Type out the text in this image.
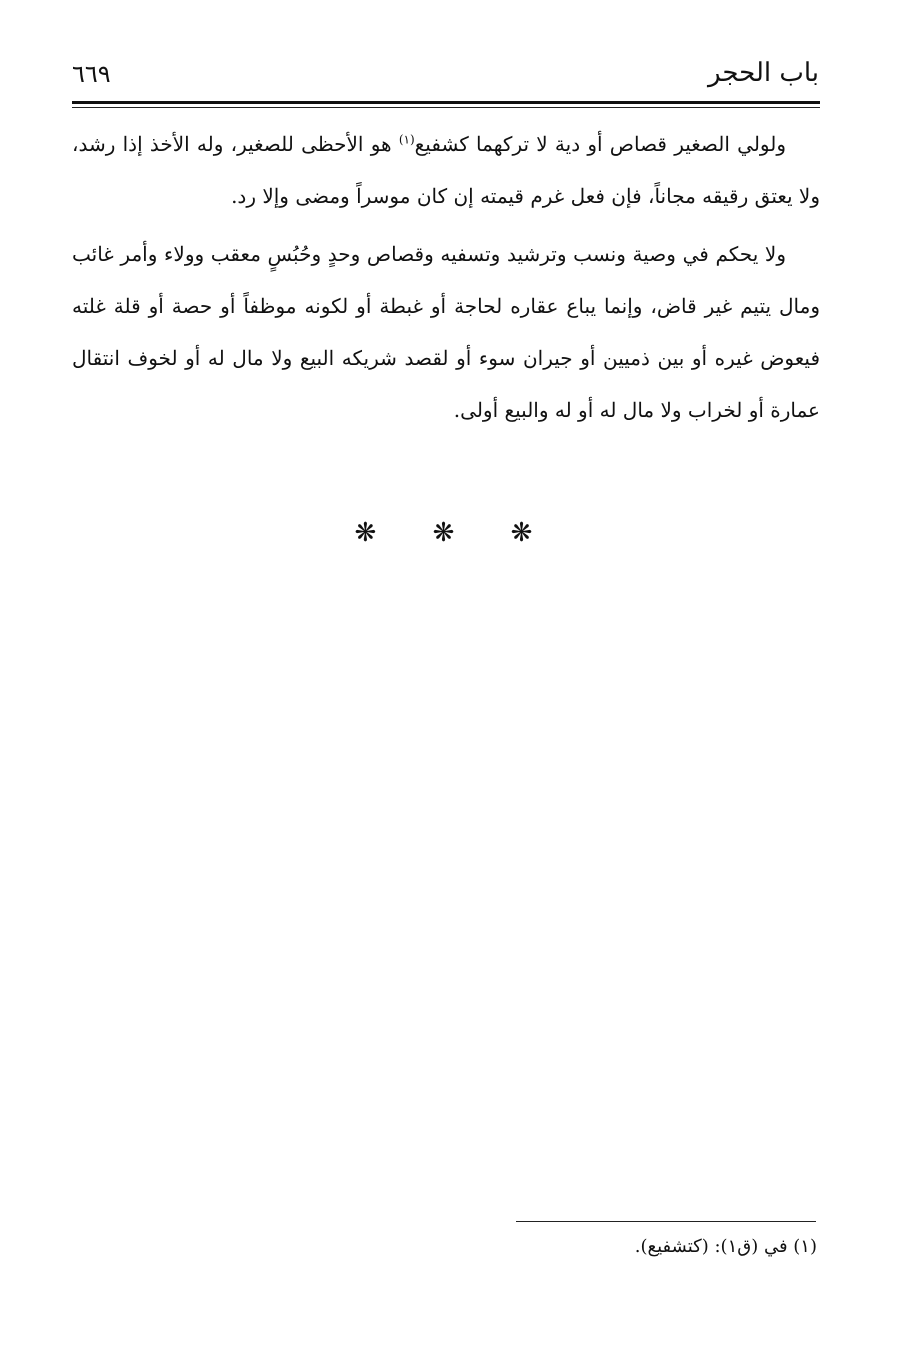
باب الحجر
٦٦٩

ولولي الصغير قصاص أو دية لا تركهما كشفيع$^{(١)}$ هو الأحظى للصغير، وله الأخذ إذا رشد، ولا يعتق رقيقه مجاناً، فإن فعل غرم قيمته إن كان موسراً ومضى وإلا رد.

ولا يحكم في وصية ونسب وترشيد وتسفيه وقصاص وحدٍ وحُبُسٍ معقب وولاء وأمر غائب ومال يتيم غير قاض، وإنما يباع عقاره لحاجة أو غبطة أو لكونه موظفاً أو حصة أو قلة غلته فيعوض غيره أو بين ذميين أو جيران سوء أو لقصد شريكه البيع ولا مال له أو لخوف انتقال عمارة أو لخراب ولا مال له أو له والبيع أولى.

❋ ❋ ❋
(١) في (ق١): (كتشفيع).
